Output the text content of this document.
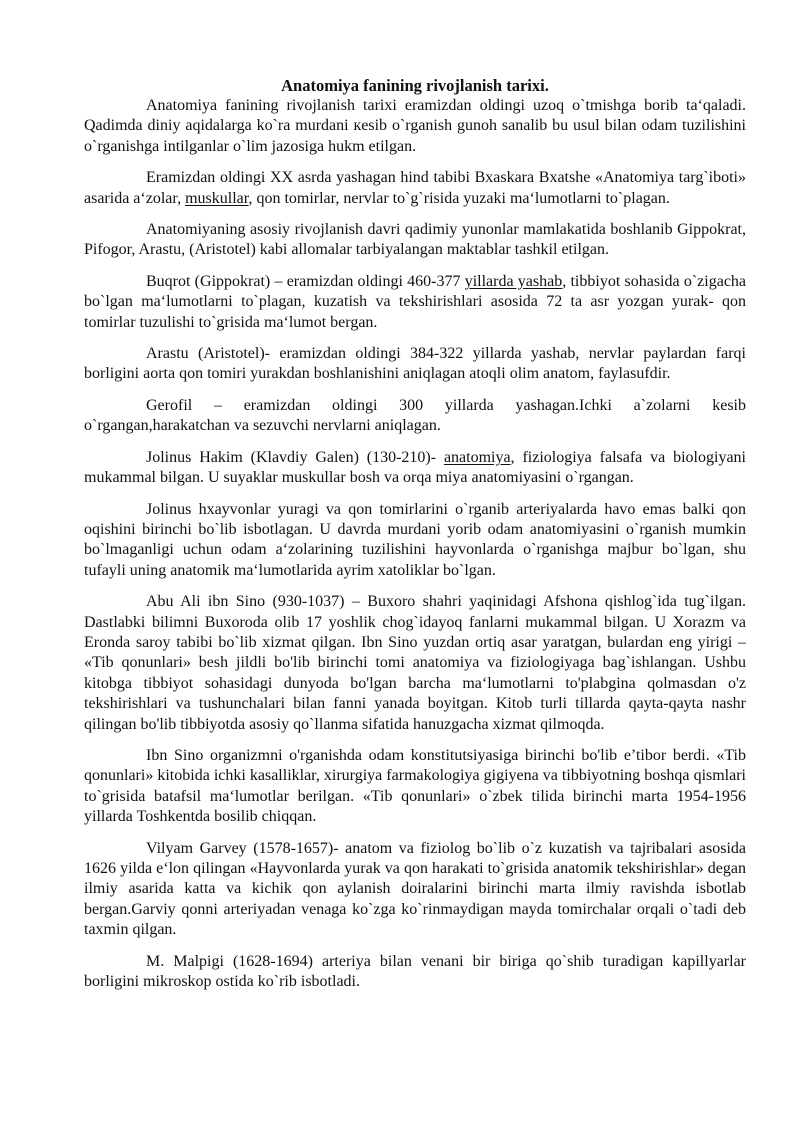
Anatomiya fanining rivojlanish tarixi.

Anatomiya fanining rivojlanish tarixi eramizdan oldingi uzoq o`tmishga borib ta‘qaladi. Qadimda diniy aqidalarga ko`ra murdani кesib o`rganish gunoh sanalib bu usul bilan odam tuzilishini o`rganishga intilganlar o`lim jazosiga hukm etilgan.

Eramizdan oldingi XX asrda yashagan hind tabibi Bxaskara Bxatshe «Anatomiya targ`iboti» asarida a‘zolar, muskullar, qon tomirlar, nervlar to`g`risida yuzaki ma‘lumotlarni to`plagan.

Anatomiyaning asosiy rivojlanish davri qadimiy yunonlar mamlakatida boshlanib Gippokrat, Pifogor, Arastu, (Aristotel) kabi allomalar tarbiyalangan maktablar tashkil etilgan.

Buqrot (Gippokrat) – eramizdan oldingi 460-377 yillarda yashab, tibbiyot sohasida o`zigacha bo`lgan ma‘lumotlarni to`plagan, kuzatish va tekshirishlari asosida 72 ta asr yozgan yurak- qon tomirlar tuzulishi to`grisida ma‘lumot bergan.

Arastu (Aristotel)- eramizdan oldingi 384-322 yillarda yashab, nervlar paylardan farqi borligini aorta qon tomiri yurakdan boshlanishini aniqlagan atoqli olim anatom, faylasufdir.

Gerofil – eramizdan oldingi 300 yillarda yashagan.Ichki a`zolarni kesib o`rgangan,harakatchan va sezuvchi nervlarni aniqlagan.

Jolinus Hakim (Klavdiy Galen) (130-210)- anatomiya, fiziologiya falsafa va biologiyani mukammal bilgan. U suyaklar muskullar bosh va orqa miya anatomiyasini o`rgangan.

Jolinus hxayvonlar yuragi va qon tomirlarini o`rganib arteriyalarda havo emas balki qon oqishini birinchi bo`lib isbotlagan. U davrda murdani yorib odam anatomiyasini o`rganish mumkin bo`lmaganligi uchun odam a‘zolarining tuzilishini hayvonlarda o`rganishga majbur bo`lgan, shu tufayli uning anatomik ma‘lumotlarida ayrim xatoliklar bo`lgan.

Abu Ali ibn Sino (930-1037) – Buxoro shahri yaqinidagi Afshona qishlog`ida tug`ilgan. Dastlabki bilimni Buxoroda olib 17 yoshlik chog`idayoq fanlarni mukammal bilgan. U Xorazm va Eronda saroy tabibi bo`lib xizmat qilgan. Ibn Sino yuzdan ortiq asar yaratgan, bulardan eng yirigi – «Tib qonunlari» besh jildli bo'lib birinchi tomi anatomiya va fiziologiyaga bag`ishlangan. Ushbu kitobga tibbiyot sohasidagi dunyoda bo'lgan barcha ma‘lumotlarni to'plabgina qolmasdan o'z tekshirishlari va tushunchalari bilan fanni yanada boyitgan. Kitob turli tillarda qayta-qayta nashr qilingan bo'lib tibbiyotda asosiy qo`llanma sifatida hanuzgacha xizmat qilmoqda.

Ibn Sino organizmni o'rganishda odam konstitutsiyasiga birinchi bo'lib e’tibor berdi. «Tib qonunlari» kitobida ichki kasalliklar, xirurgiya farmakologiya gigiyena va tibbiyotning boshqa qismlari to`grisida batafsil ma‘lumotlar berilgan. «Tib qonunlari» o`zbek tilida birinchi marta 1954-1956 yillarda Toshkentda bosilib chiqqan.

Vilyam Garvey (1578-1657)- anatom va fiziolog bo`lib o`z kuzatish va tajribalari asosida 1626 yilda e‘lon qilingan «Hayvonlarda yurak va qon harakati to`grisida anatomik tekshirishlar» degan ilmiy asarida katta va kichik qon aylanish doiralarini birinchi marta ilmiy ravishda isbotlab bergan.Garviy qonni arteriyadan venaga ko`zga ko`rinmaydigan mayda tomirchalar orqali o`tadi deb taxmin qilgan.

M. Malpigi (1628-1694) arteriya bilan venani bir biriga qo`shib turadigan kapillyarlar borligini mikroskop ostida ko`rib isbotladi.
